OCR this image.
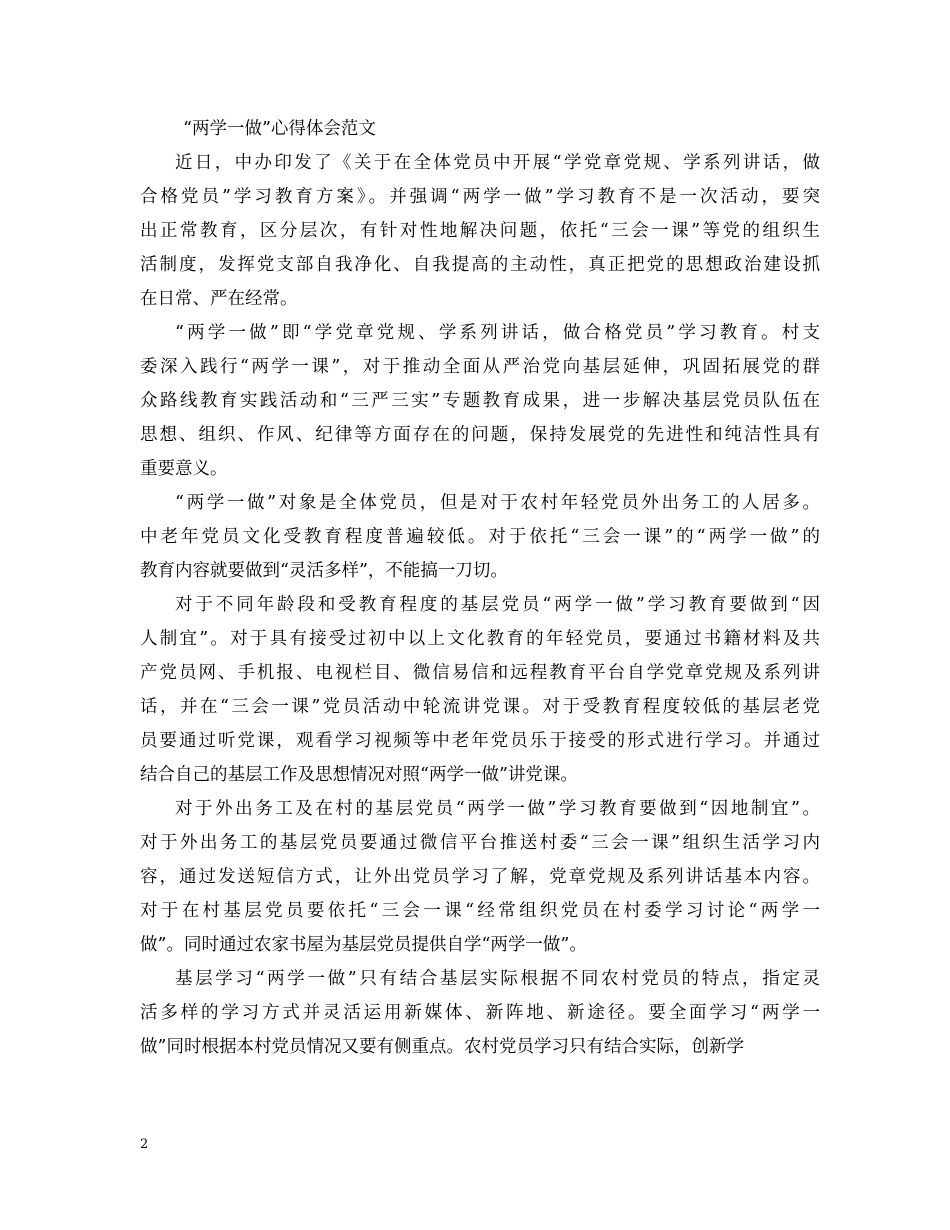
“两学一做”心得体会范文

近日，中办印发了《关于在全体党员中开展“学党章党规、学系列讲话，做
合格党员”学习教育方案》。并强调“两学一做”学习教育不是一次活动，要突
出正常教育，区分层次，有针对性地解决问题，依托“三会一课”等党的组织生
活制度，发挥党支部自我净化、自我提高的主动性，真正把党的思想政治建设抓
在日常、严在经常。

“两学一做”即“学党章党规、学系列讲话，做合格党员”学习教育。村支
委深入践行“两学一课”，对于推动全面从严治党向基层延伸，巩固拓展党的群
众路线教育实践活动和“三严三实”专题教育成果，进一步解决基层党员队伍在
思想、组织、作风、纪律等方面存在的问题，保持发展党的先进性和纯洁性具有
重要意义。

“两学一做”对象是全体党员，但是对于农村年轻党员外出务工的人居多。
中老年党员文化受教育程度普遍较低。对于依托“三会一课”的“两学一做”的
教育内容就要做到“灵活多样”，不能搞一刀切。

对于不同年龄段和受教育程度的基层党员“两学一做”学习教育要做到“因
人制宜”。对于具有接受过初中以上文化教育的年轻党员，要通过书籍材料及共
产党员网、手机报、电视栏目、微信易信和远程教育平台自学党章党规及系列讲
话，并在“三会一课”党员活动中轮流讲党课。对于受教育程度较低的基层老党
员要通过听党课，观看学习视频等中老年党员乐于接受的形式进行学习。并通过
结合自己的基层工作及思想情况对照“两学一做”讲党课。

对于外出务工及在村的基层党员“两学一做”学习教育要做到“因地制宜”。
对于外出务工的基层党员要通过微信平台推送村委“三会一课”组织生活学习内
容，通过发送短信方式，让外出党员学习了解，党章党规及系列讲话基本内容。
对于在村基层党员要依托“三会一课“经常组织党员在村委学习讨论“两学一
做”。同时通过农家书屋为基层党员提供自学“两学一做”。

基层学习“两学一做”只有结合基层实际根据不同农村党员的特点，指定灵
活多样的学习方式并灵活运用新媒体、新阵地、新途径。要全面学习“两学一
做”同时根据本村党员情况又要有侧重点。农村党员学习只有结合实际，创新学

2
